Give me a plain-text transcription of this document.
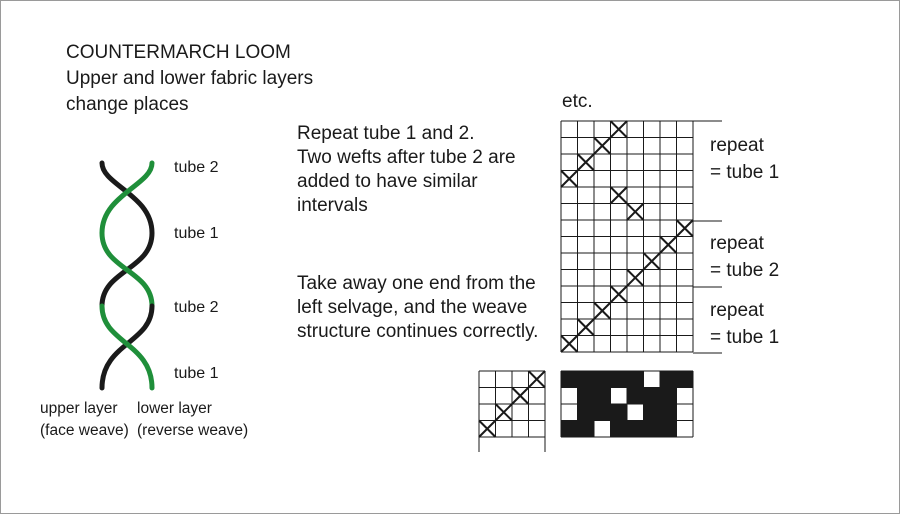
COUNTERMARCH LOOM
Upper and lower fabric layers
change places
Repeat tube 1 and 2.
Two wefts after tube 2 are
added to have similar
intervals
Take away one end from the
left selvage, and the weave
structure continues correctly.
tube 2
tube 1
tube 2
tube 1
upper layer
(face weave)
lower layer
(reverse weave)
etc.
repeat
= tube 1
repeat
= tube 2
repeat
= tube 1
